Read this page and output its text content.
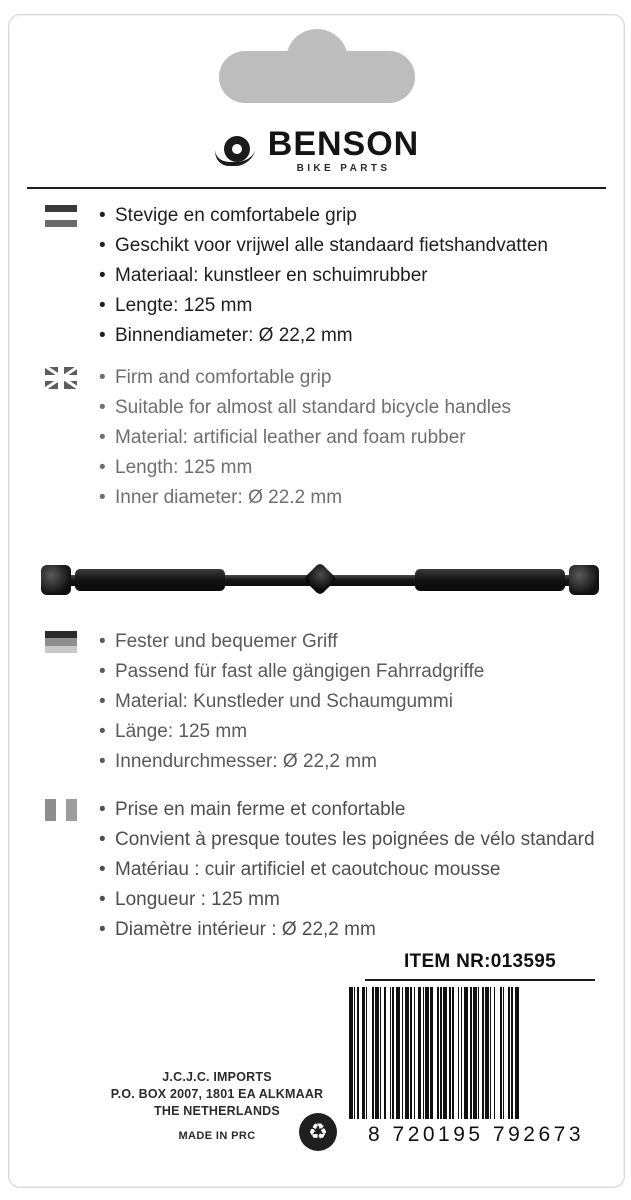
BENSON
BIKE PARTS
• Stevige en comfortabele grip
• Geschikt voor vrijwel alle standaard fietshandvatten
• Materiaal: kunstleer en schuimrubber
• Lengte: 125 mm
• Binnendiameter: Ø 22,2 mm
• Firm and comfortable grip
• Suitable for almost all standard bicycle handles
• Material: artificial leather and foam rubber
• Length: 125 mm
• Inner diameter: Ø 22.2 mm
• Fester und bequemer Griff
• Passend für fast alle gängigen Fahrradgriffe
• Material: Kunstleder und Schaumgummi
• Länge: 125 mm
• Innendurchmesser: Ø 22,2 mm
• Prise en main ferme et confortable
• Convient à presque toutes les poignées de vélo standard
• Matériau : cuir artificiel et caoutchouc mousse
• Longueur : 125 mm
• Diamètre intérieur : Ø 22,2 mm
ITEM NR:013595
8 720195 792673
J.C.J.C. IMPORTS
P.O. BOX 2007, 1801 EA ALKMAAR
THE NETHERLANDS
MADE IN PRC	♻
